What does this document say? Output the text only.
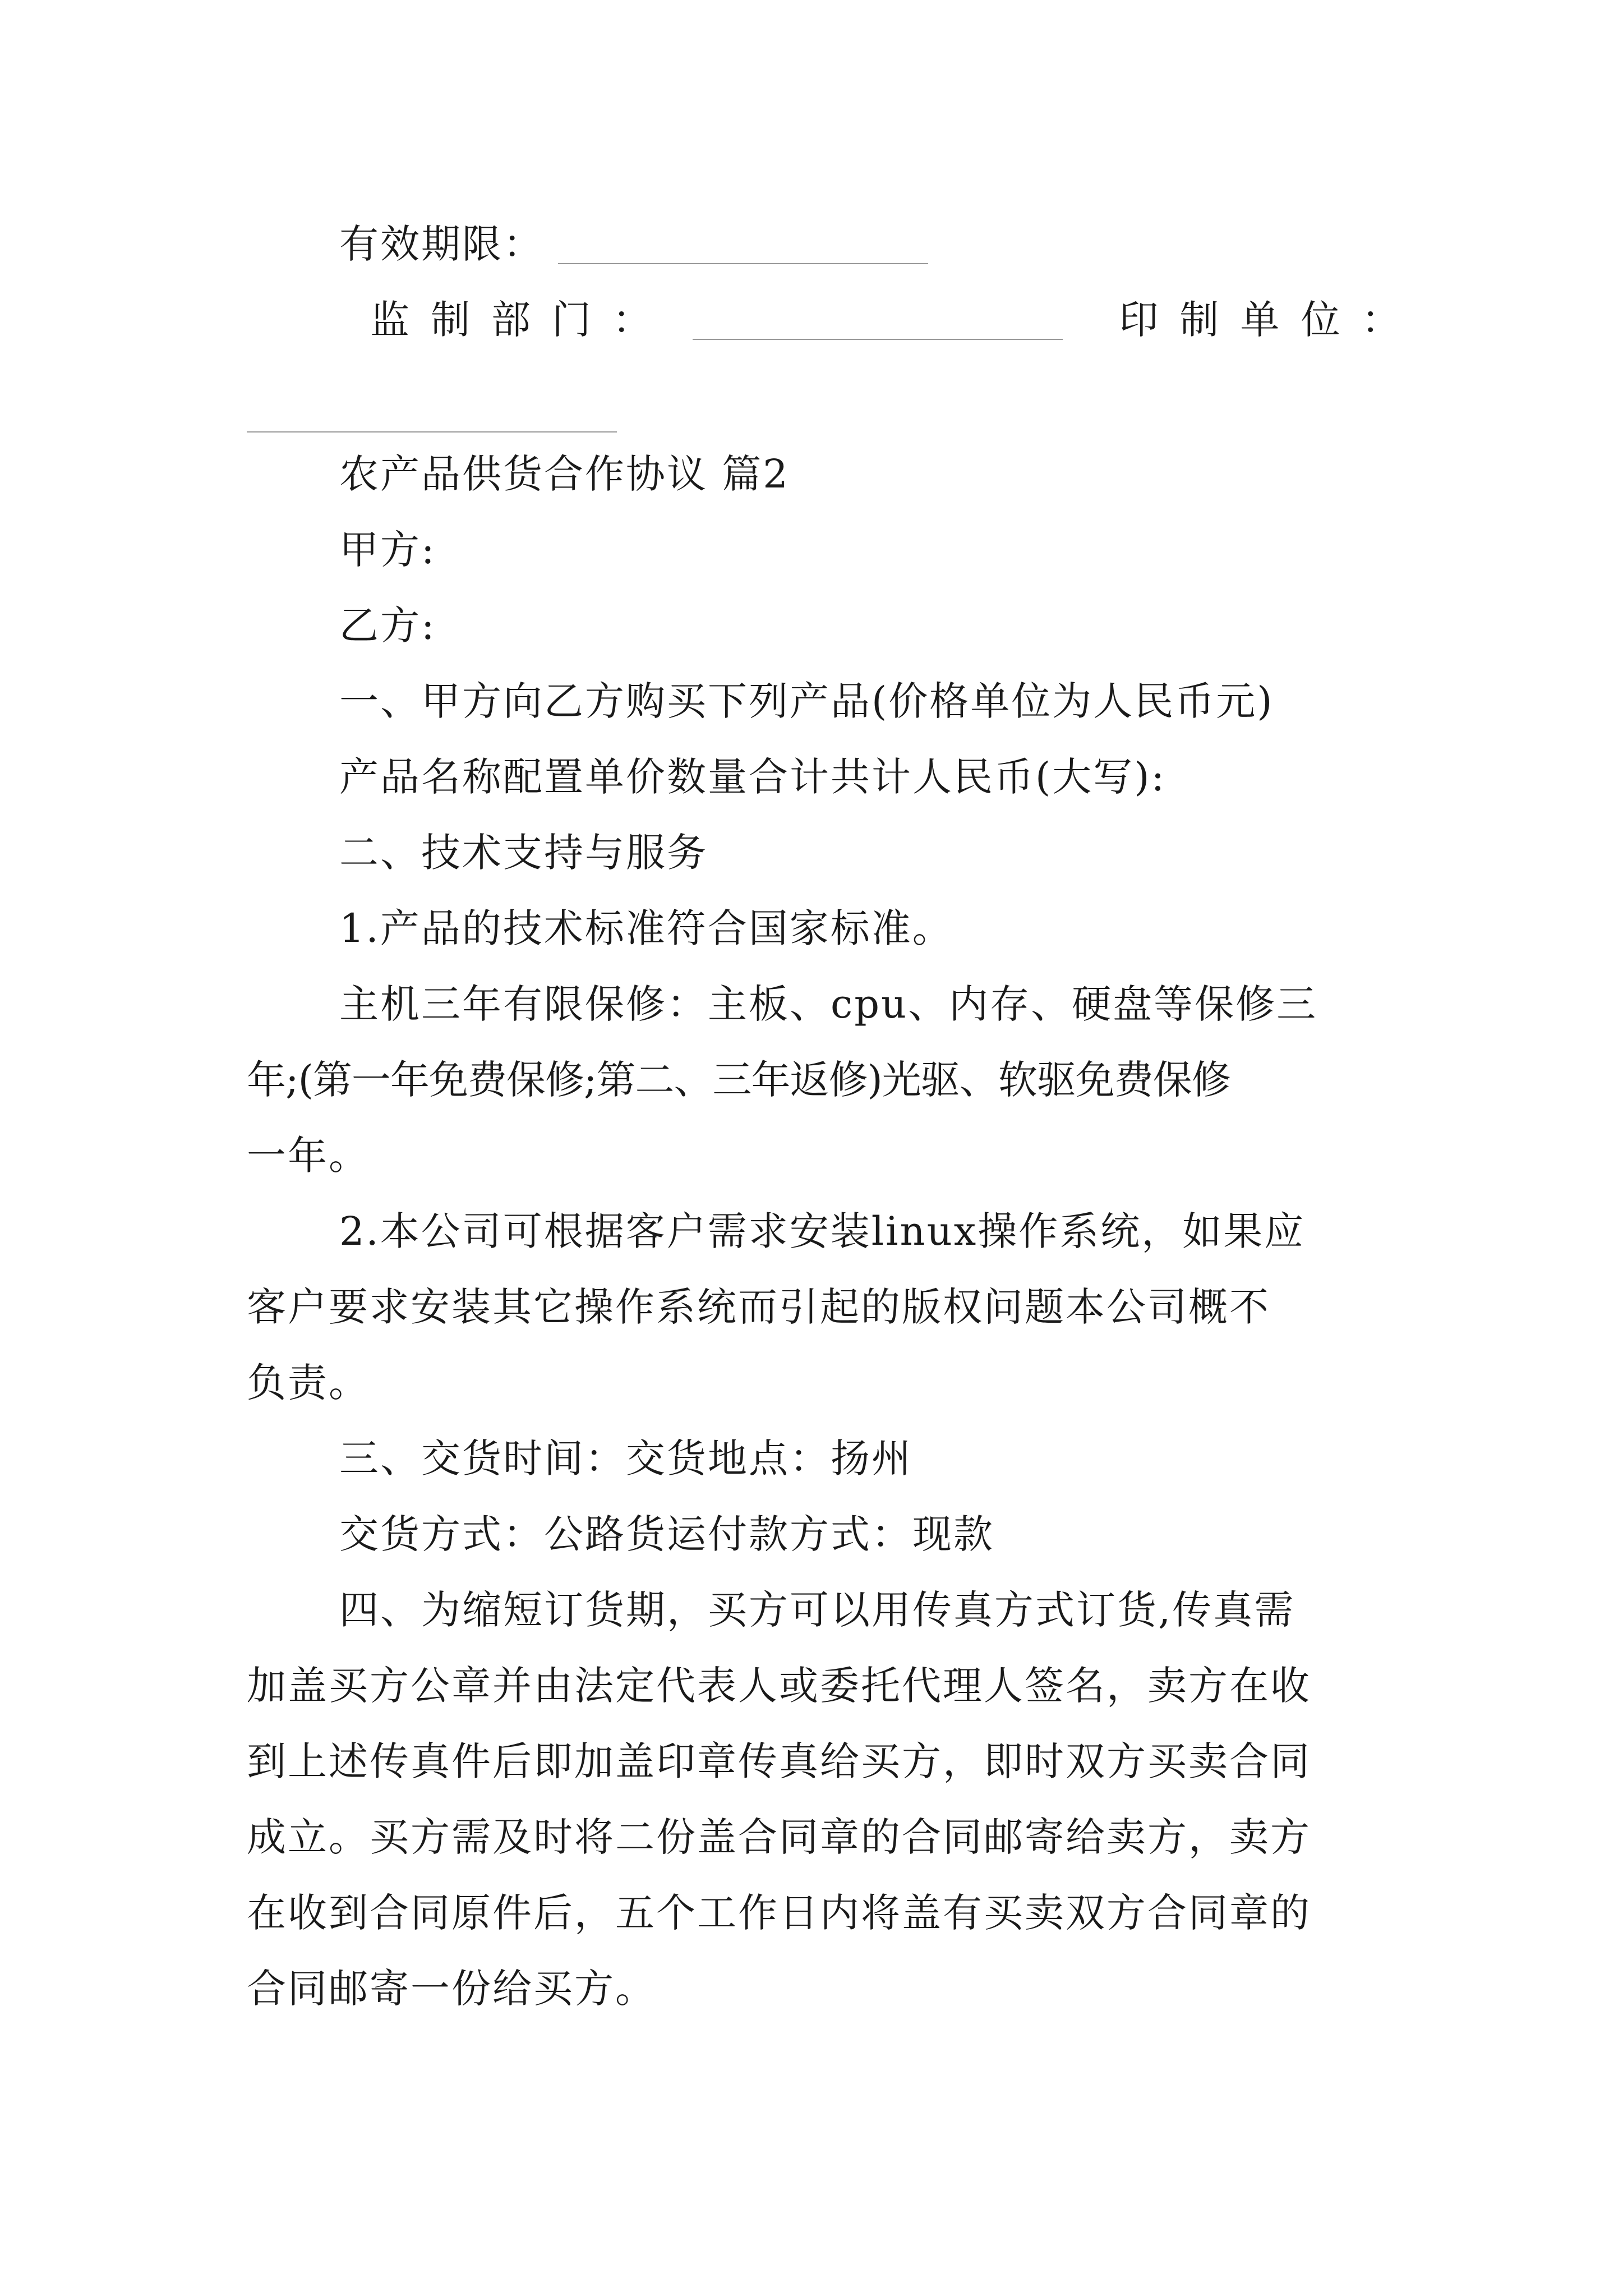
有效期限：
监制部门：	印制单位：
农产品供货合作协议 篇2
甲方:
乙方:
一、甲方向乙方购买下列产品(价格单位为人民币元)
产品名称配置单价数量合计共计人民币(大写):
二、技术支持与服务
1.产品的技术标准符合国家标准。
主机三年有限保修：主板、cpu、内存、硬盘等保修三
年;(第一年免费保修;第二、三年返修)光驱、软驱免费保修
一年。
2.本公司可根据客户需求安装linux操作系统，如果应
客户要求安装其它操作系统而引起的版权问题本公司概不
负责。
三、交货时间：交货地点：扬州
交货方式：公路货运付款方式：现款
四、为缩短订货期，买方可以用传真方式订货,传真需
加盖买方公章并由法定代表人或委托代理人签名，卖方在收
到上述传真件后即加盖印章传真给买方，即时双方买卖合同
成立。买方需及时将二份盖合同章的合同邮寄给卖方，卖方
在收到合同原件后，五个工作日内将盖有买卖双方合同章的
合同邮寄一份给买方。
